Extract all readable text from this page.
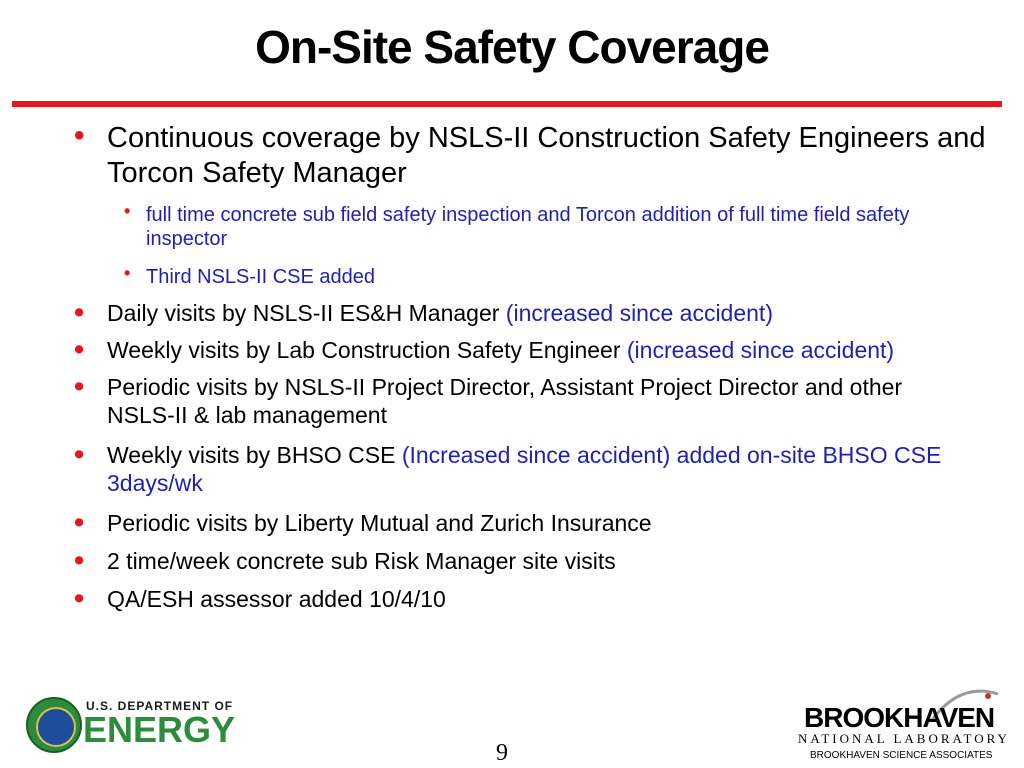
On-Site Safety Coverage
• Continuous coverage by NSLS-II Construction Safety Engineers and Torcon Safety Manager
• full time concrete sub field safety inspection and Torcon addition of full time field safety inspector
• Third NSLS-II CSE added
• Daily visits by NSLS-II ES&H Manager (increased since accident)
• Weekly visits by Lab Construction Safety Engineer (increased since accident)
• Periodic visits by NSLS-II Project Director, Assistant Project Director and other NSLS-II & lab management
• Weekly visits by BHSO CSE (Increased since accident) added on-site BHSO CSE 3days/wk
• Periodic visits by Liberty Mutual and Zurich Insurance
• 2 time/week concrete sub Risk Manager site visits
• QA/ESH assessor added 10/4/10
U.S. DEPARTMENT OF
ENERGY
9
BROOKHAVEN
NATIONAL LABORATORY
BROOKHAVEN SCIENCE ASSOCIATES
